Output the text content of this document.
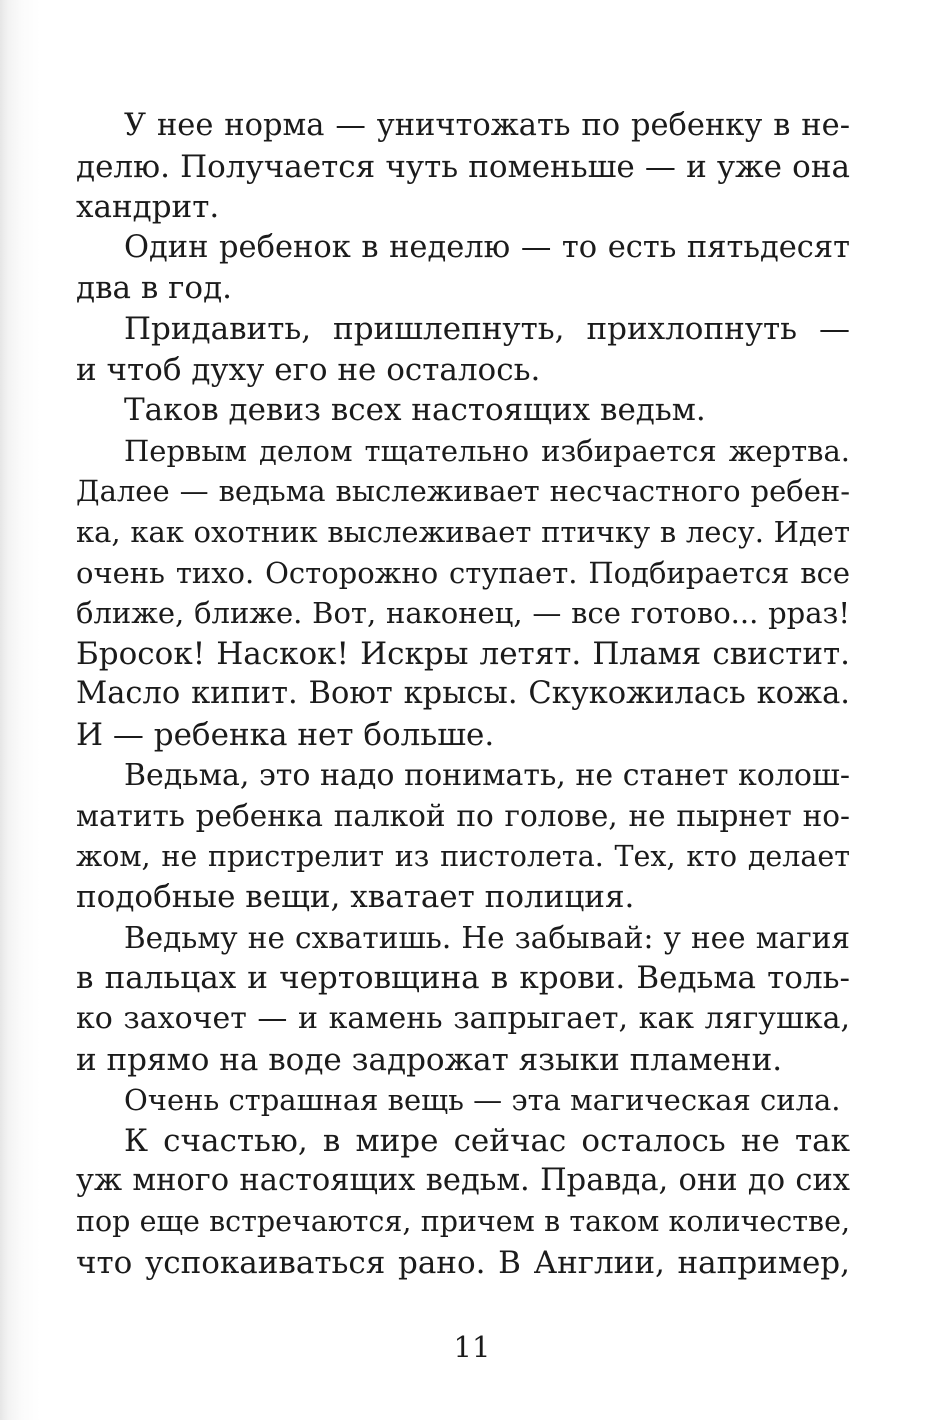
У нее норма — уничтожать по ребенку в не-
делю. Получается чуть поменьше — и уже она
хандрит.
Один ребенок в неделю — то есть пятьдесят
два в год.
Придавить, пришлепнуть, прихлопнуть —
и чтоб духу его не осталось.
Таков девиз всех настоящих ведьм.
Первым делом тщательно избирается жертва.
Далее — ведьма выслеживает несчастного ребен-
ка, как охотник выслеживает птичку в лесу. Идет
очень тихо. Осторожно ступает. Подбирается все
ближе, ближе. Вот, наконец, — все готово... рраз!
Бросок! Наскок! Искры летят. Пламя свистит.
Масло кипит. Воют крысы. Скукожилась кожа.
И — ребенка нет больше.
Ведьма, это надо понимать, не станет колош-
матить ребенка палкой по голове, не пырнет но-
жом, не пристрелит из пистолета. Тех, кто делает
подобные вещи, хватает полиция.
Ведьму не схватишь. Не забывай: у нее магия
в пальцах и чертовщина в крови. Ведьма толь-
ко захочет — и камень запрыгает, как лягушка,
и прямо на воде задрожат языки пламени.
Очень страшная вещь — эта магическая сила.
К счастью, в мире сейчас осталось не так
уж много настоящих ведьм. Правда, они до сих
пор еще встречаются, причем в таком количестве,
что успокаиваться рано. В Англии, например,
11
